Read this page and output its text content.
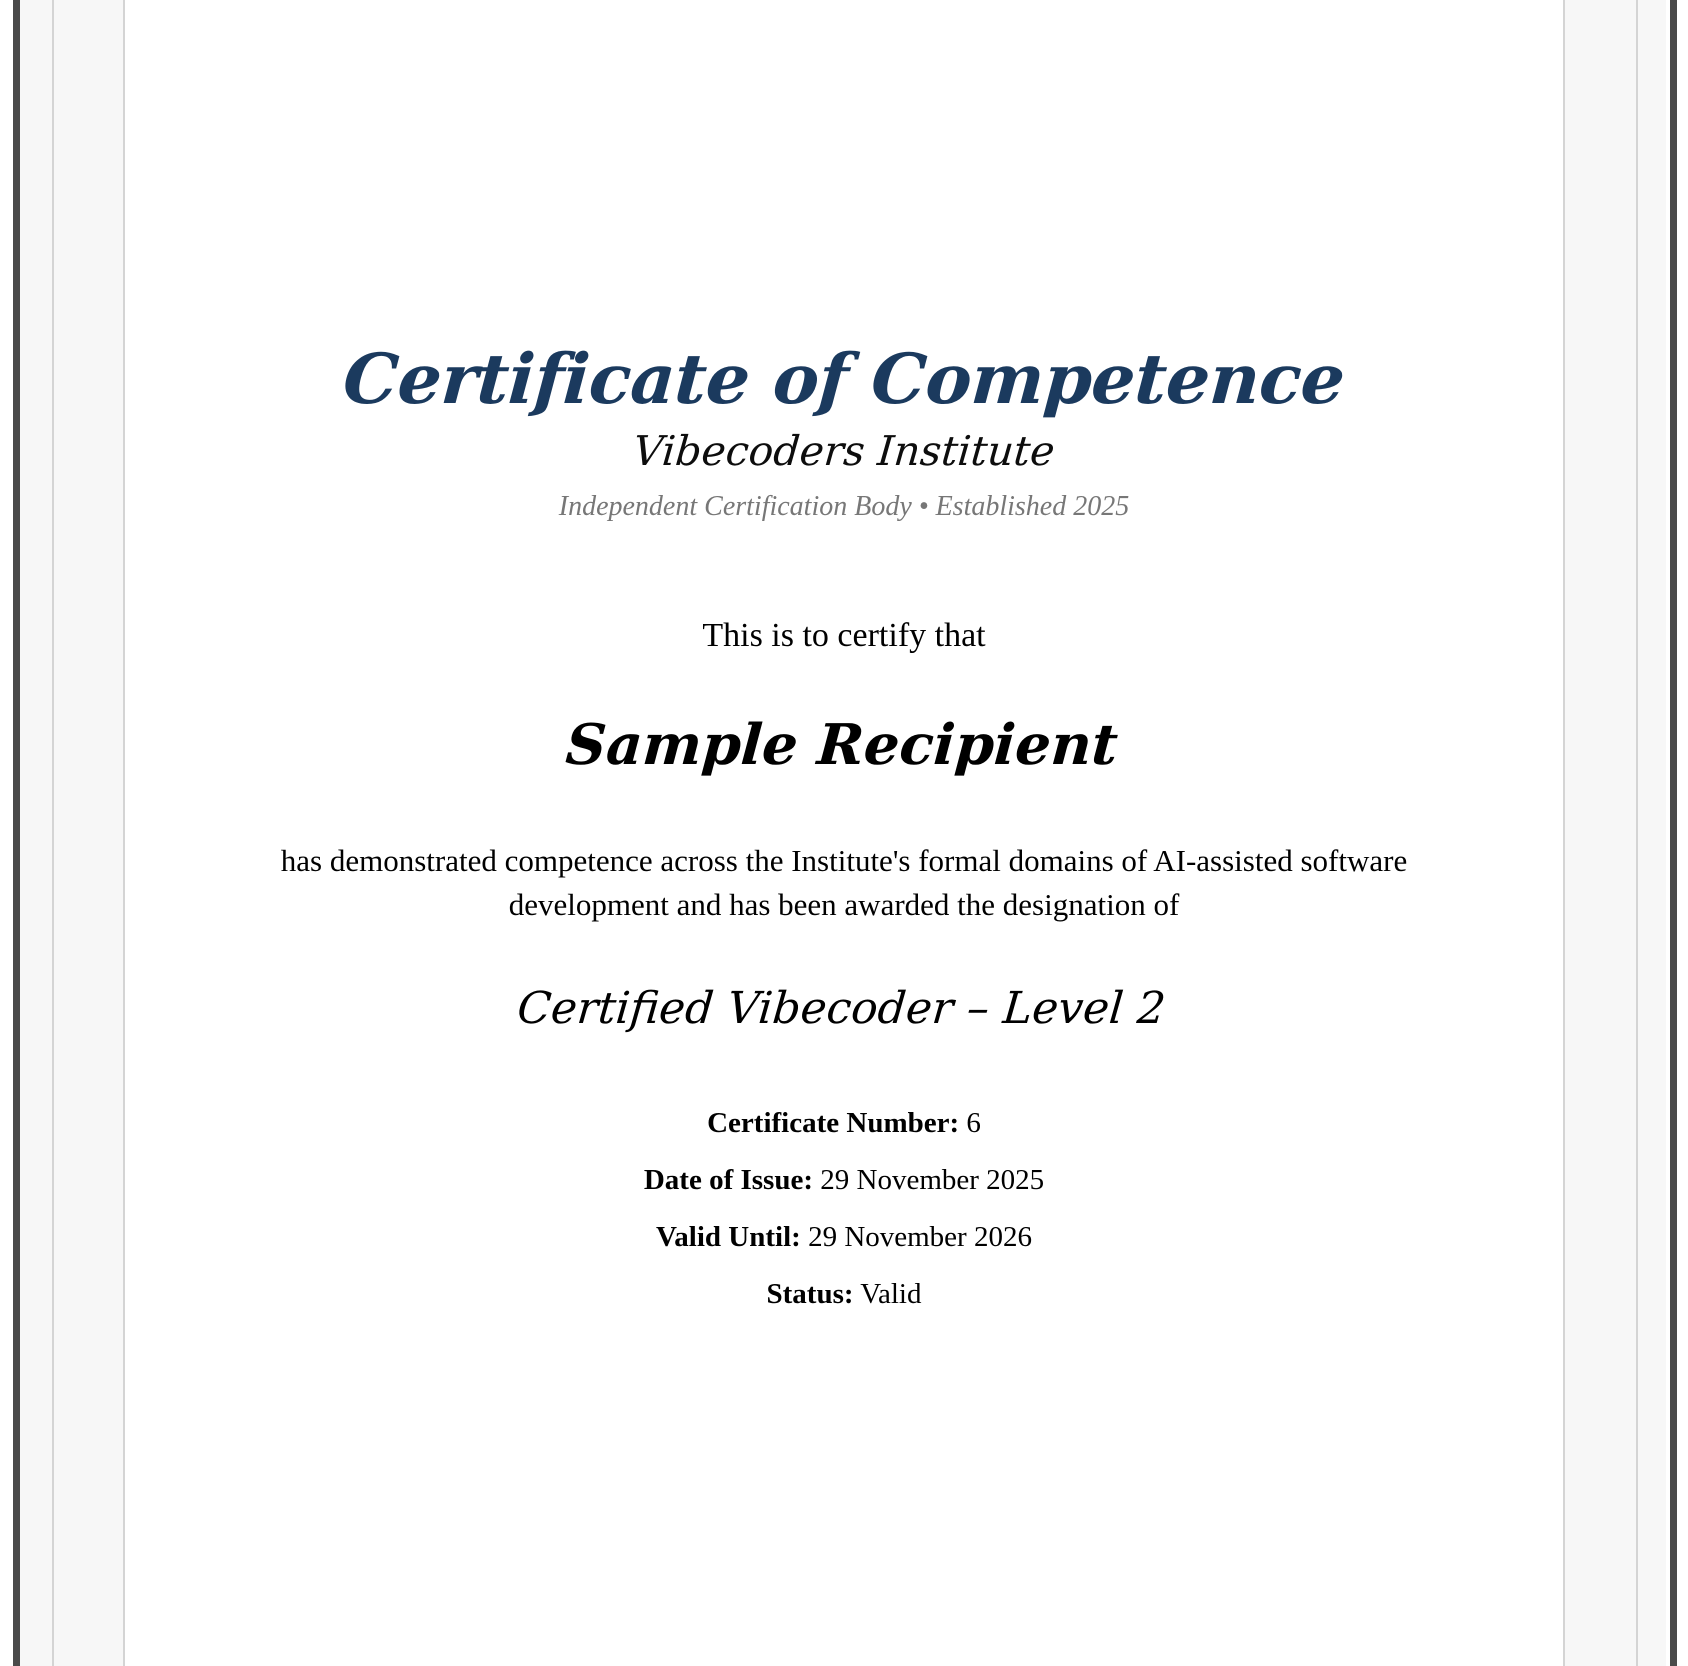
Certificate of Competence
Vibecoders Institute
Independent Certification Body • Established 2025
This is to certify that
Sample Recipient
has demonstrated competence across the Institute's formal domains of AI-assisted software development and has been awarded the designation of
Certified Vibecoder – Level 2
Certificate Number: 6
Date of Issue: 29 November 2025
Valid Until: 29 November 2026
Status: Valid
